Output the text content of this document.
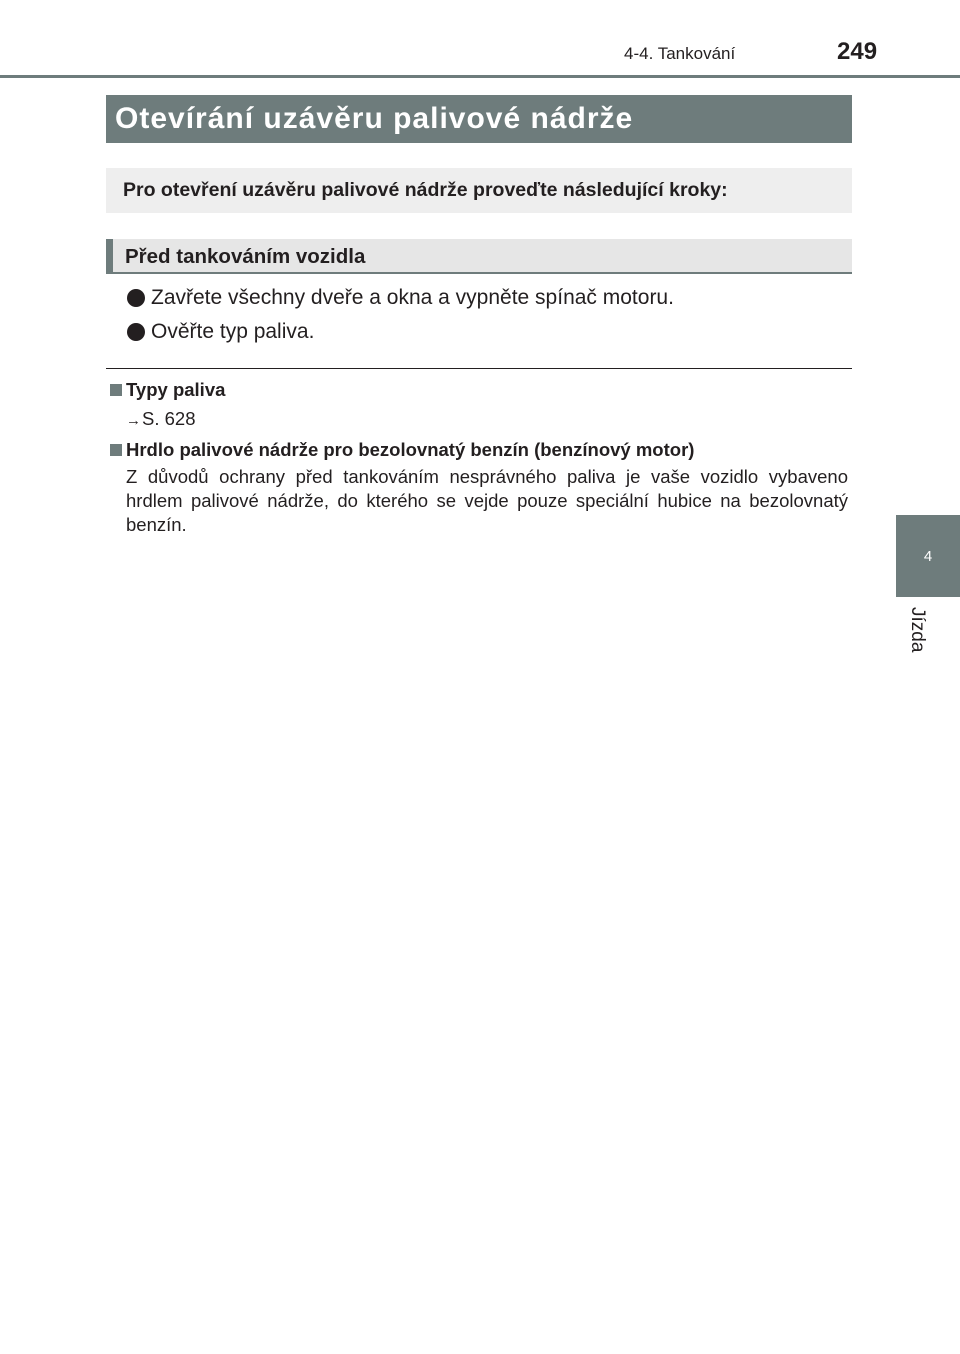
4-4. Tankování	249
4
Jízda
Otevírání uzávěru palivové nádrže
Pro otevření uzávěru palivové nádrže proveďte následující kroky:
Před tankováním vozidla
Zavřete všechny dveře a okna a vypněte spínač motoru.
Ověřte typ paliva.
Typy paliva
→S. 628
Hrdlo palivové nádrže pro bezolovnatý benzín (benzínový motor)
Z důvodů ochrany před tankováním nesprávného paliva je vaše vozidlo vybaveno hrdlem palivové nádrže, do kterého se vejde pouze speciální hubice na bezolovnatý benzín.
